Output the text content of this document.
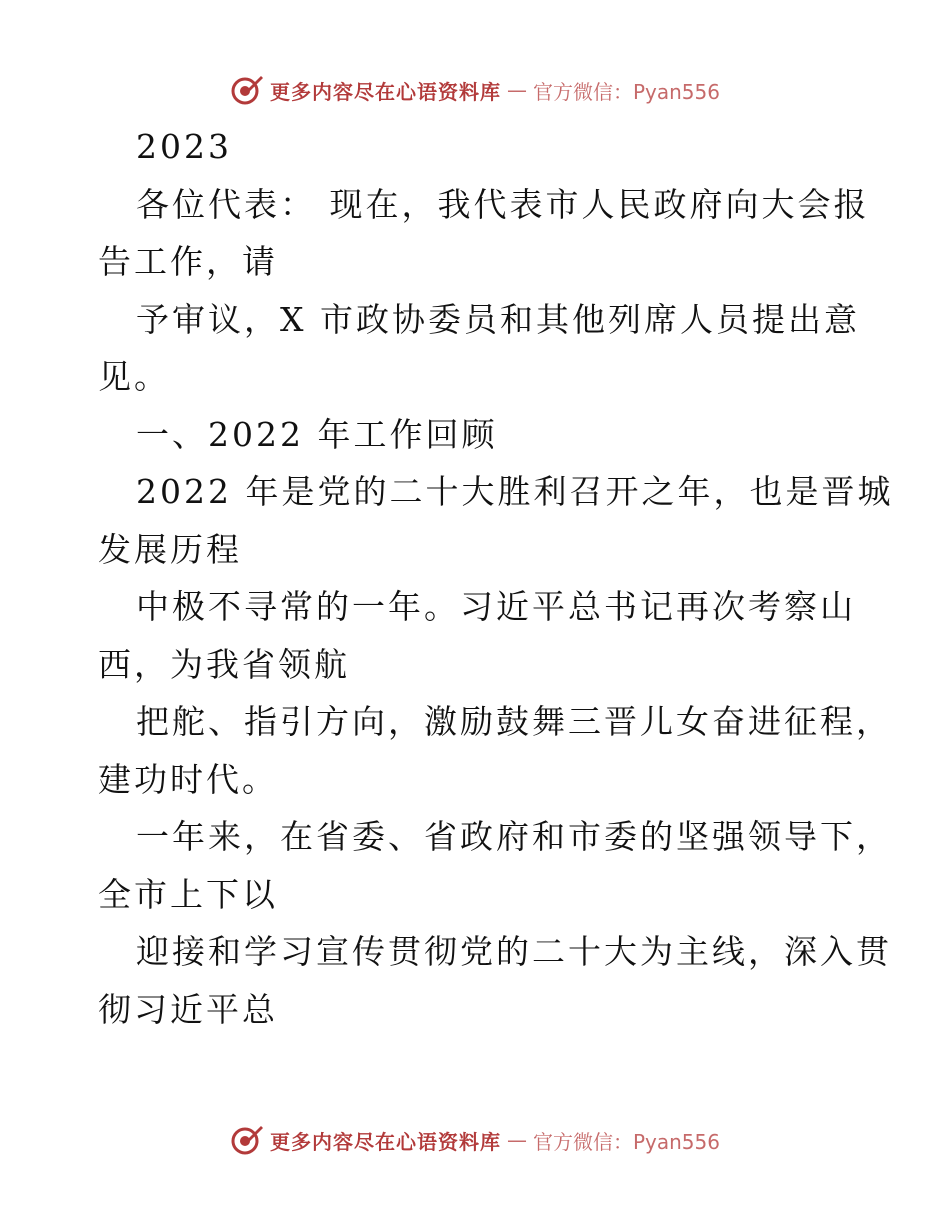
更多内容尽在心语资料库 — 官方微信：Pyan556
2023
各位代表： 现在，我代表市人民政府向大会报
告工作，请
予审议，X 市政协委员和其他列席人员提出意
见。
一、2022 年工作回顾
2022 年是党的二十大胜利召开之年，也是晋城
发展历程
中极不寻常的一年。习近平总书记再次考察山
西，为我省领航
把舵、指引方向，激励鼓舞三晋儿女奋进征程，
建功时代。
一年来，在省委、省政府和市委的坚强领导下，
全市上下以
迎接和学习宣传贯彻党的二十大为主线，深入贯
彻习近平总
更多内容尽在心语资料库 — 官方微信：Pyan556
